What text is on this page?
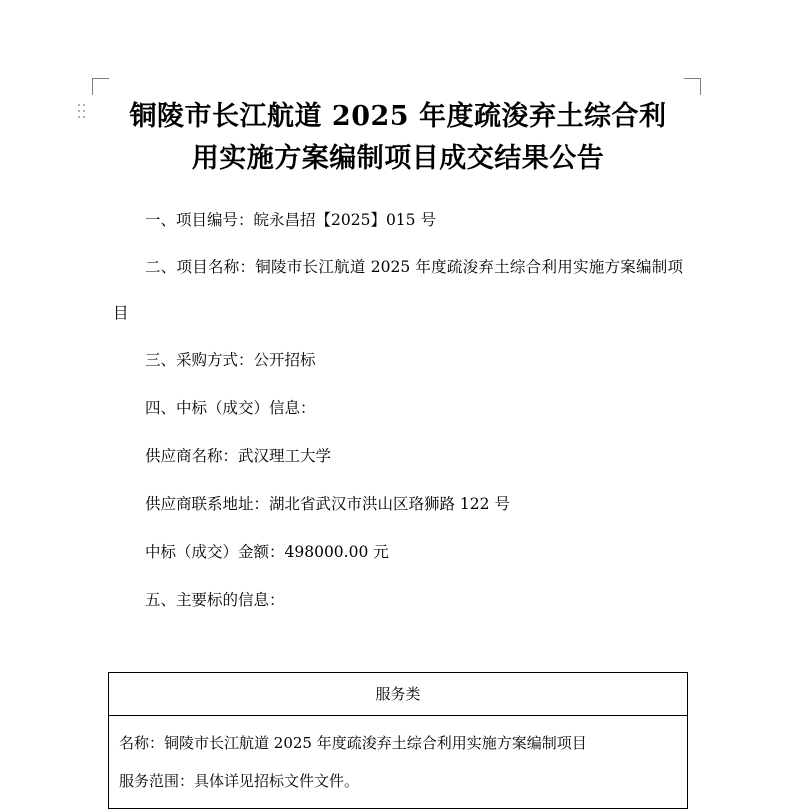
铜陵市长江航道 2025 年度疏浚弃土综合利
用实施方案编制项目成交结果公告

一、项目编号：皖永昌招【2025】015 号

二、项目名称：铜陵市长江航道 2025 年度疏浚弃土综合利用实施方案编制项目

三、采购方式：公开招标

四、中标（成交）信息：

供应商名称：武汉理工大学

供应商联系地址：湖北省武汉市洪山区珞狮路 122 号

中标（成交）金额：498000.00 元

五、主要标的信息：

服务类

名称：铜陵市长江航道 2025 年度疏浚弃土综合利用实施方案编制项目
服务范围：具体详见招标文件文件。
